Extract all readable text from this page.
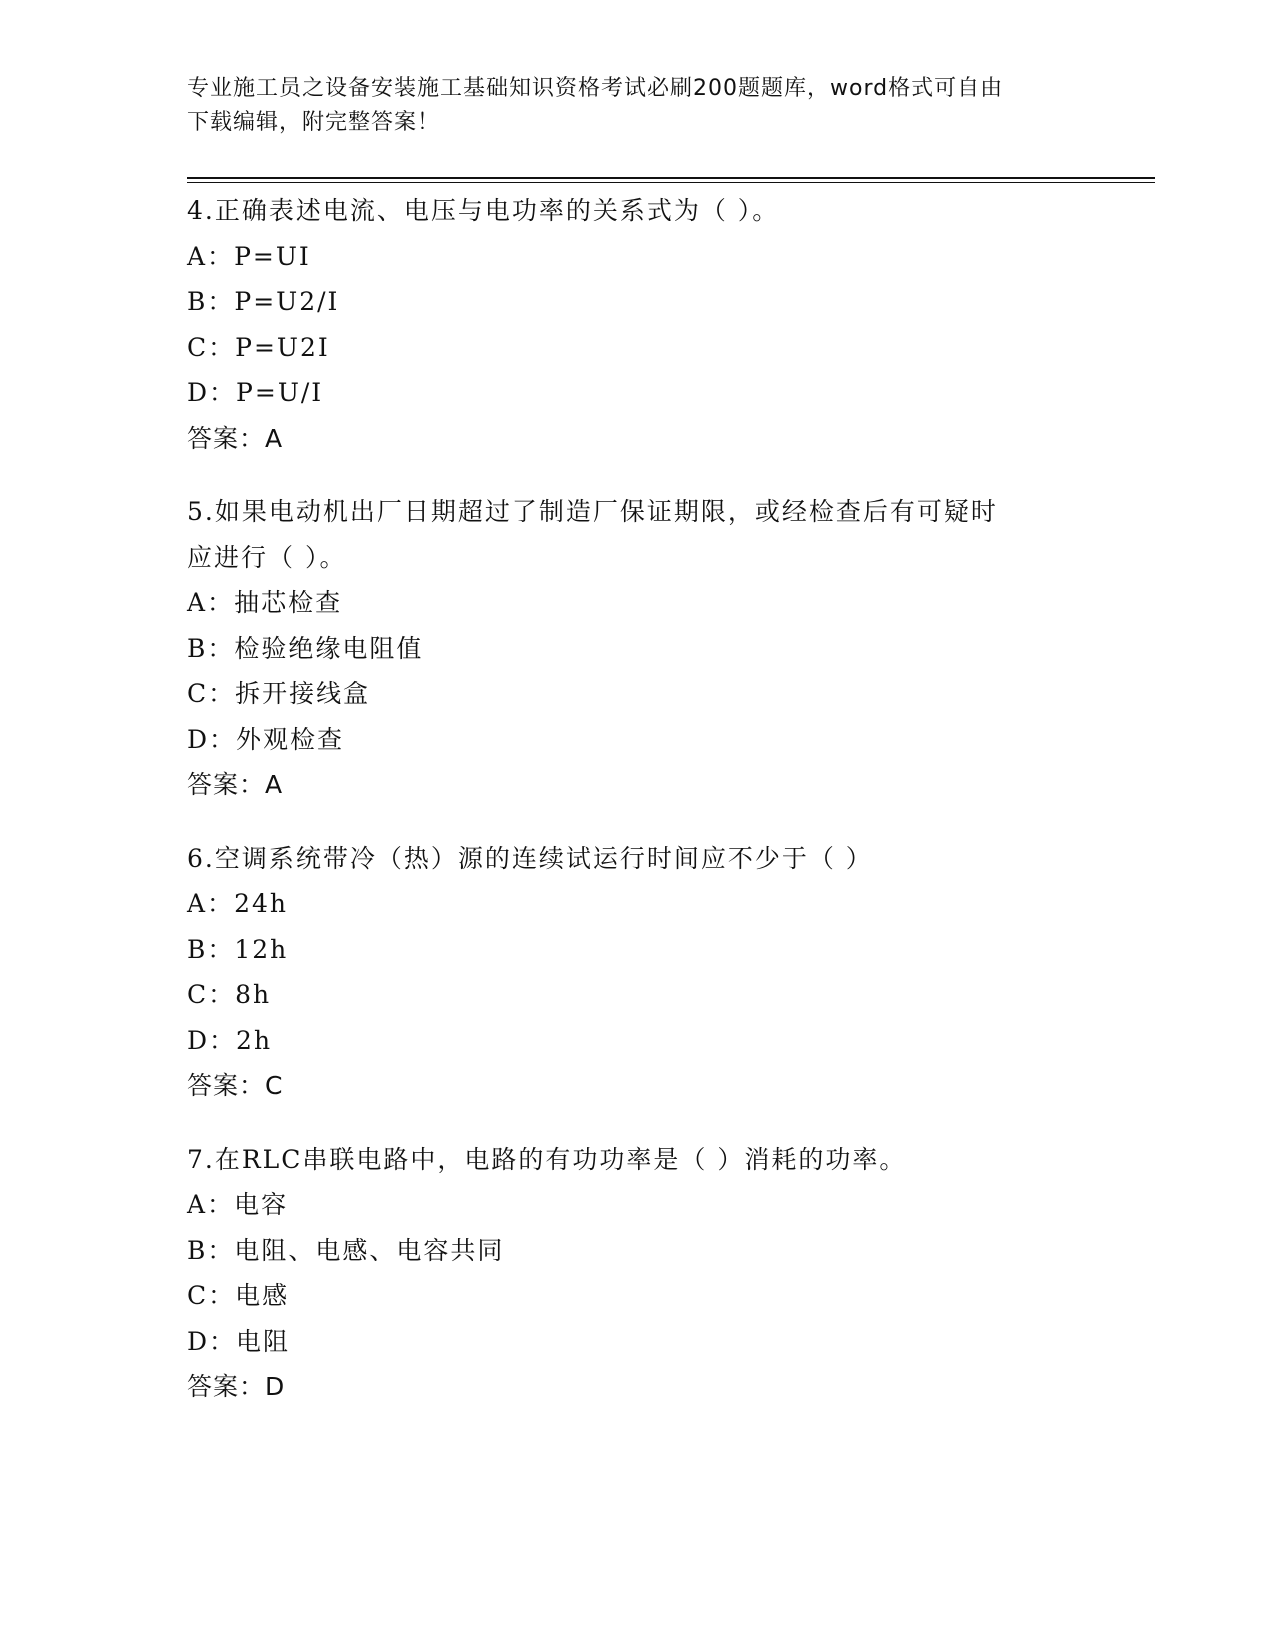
专业施工员之设备安装施工基础知识资格考试必刷200题题库，word格式可自由
下载编辑，附完整答案！
4.正确表述电流、电压与电功率的关系式为（ ）。
A：P=UI
B：P=U2/I
C：P=U2I
D：P=U/I
答案：A
5.如果电动机出厂日期超过了制造厂保证期限，或经检查后有可疑时
应进行（ ）。
A：抽芯检查
B：检验绝缘电阻值
C：拆开接线盒
D：外观检查
答案：A
6.空调系统带冷（热）源的连续试运行时间应不少于（ ）
A：24h
B：12h
C：8h
D：2h
答案：C
7.在RLC串联电路中，电路的有功功率是（ ）消耗的功率。
A：电容
B：电阻、电感、电容共同
C：电感
D：电阻
答案：D
